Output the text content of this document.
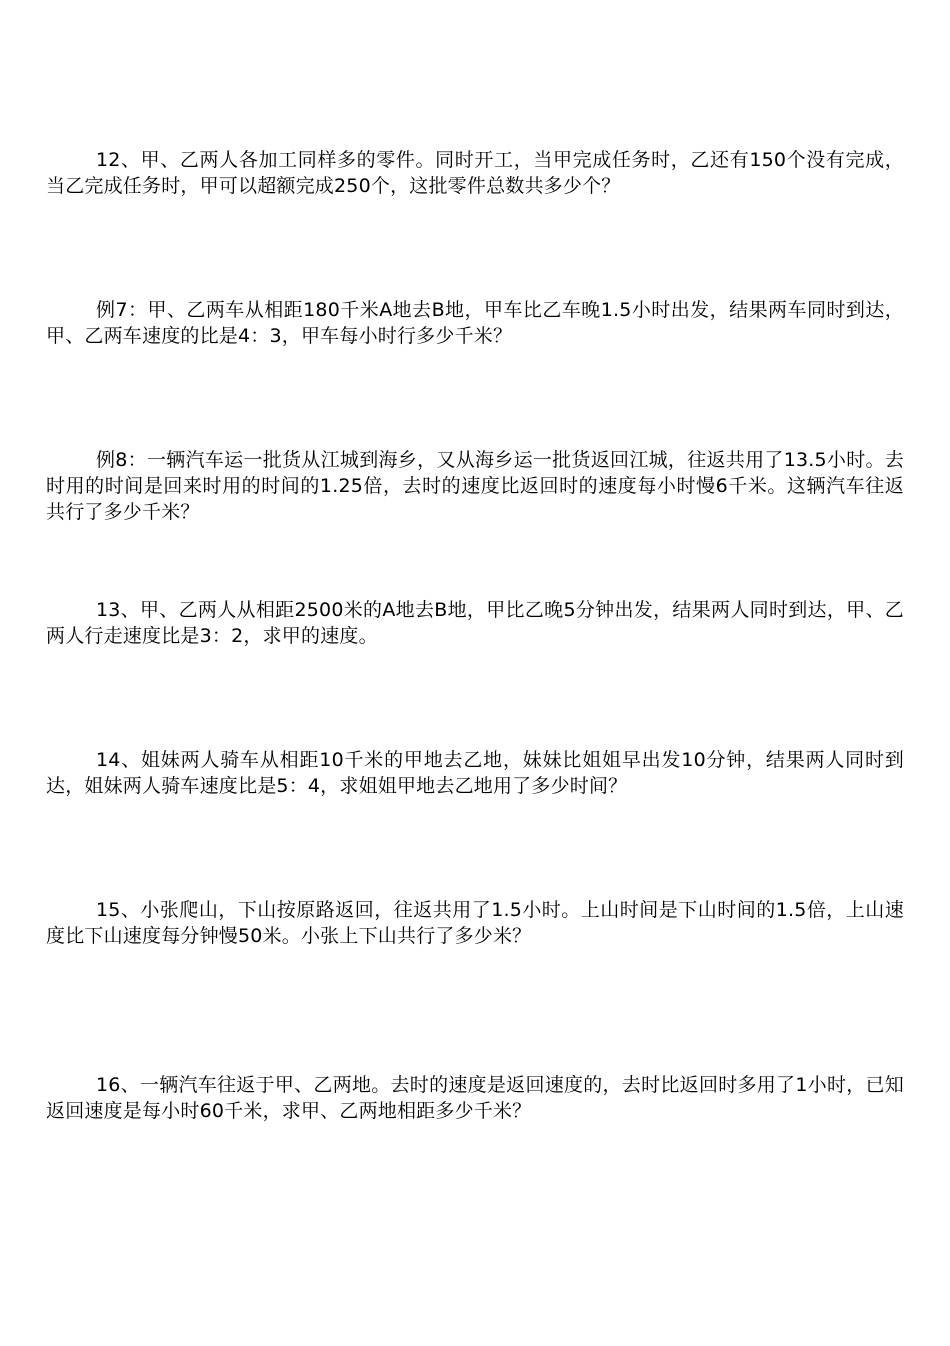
12、甲、乙两人各加工同样多的零件。同时开工，当甲完成任务时，乙还有150个没有完成，当乙完成任务时，甲可以超额完成250个，这批零件总数共多少个？

例7：甲、乙两车从相距180千米A地去B地，甲车比乙车晚1.5小时出发，结果两车同时到达，甲、乙两车速度的比是4：3，甲车每小时行多少千米？

例8：一辆汽车运一批货从江城到海乡，又从海乡运一批货返回江城，往返共用了13.5小时。去时用的时间是回来时用的时间的1.25倍，去时的速度比返回时的速度每小时慢6千米。这辆汽车往返共行了多少千米？

13、甲、乙两人从相距2500米的A地去B地，甲比乙晚5分钟出发，结果两人同时到达，甲、乙两人行走速度比是3：2，求甲的速度。

14、姐妹两人骑车从相距10千米的甲地去乙地，妹妹比姐姐早出发10分钟，结果两人同时到达，姐妹两人骑车速度比是5：4，求姐姐甲地去乙地用了多少时间？

15、小张爬山，下山按原路返回，往返共用了1.5小时。上山时间是下山时间的1.5倍，上山速度比下山速度每分钟慢50米。小张上下山共行了多少米？

16、一辆汽车往返于甲、乙两地。去时的速度是返回速度的，去时比返回时多用了1小时，已知返回速度是每小时60千米，求甲、乙两地相距多少千米？
